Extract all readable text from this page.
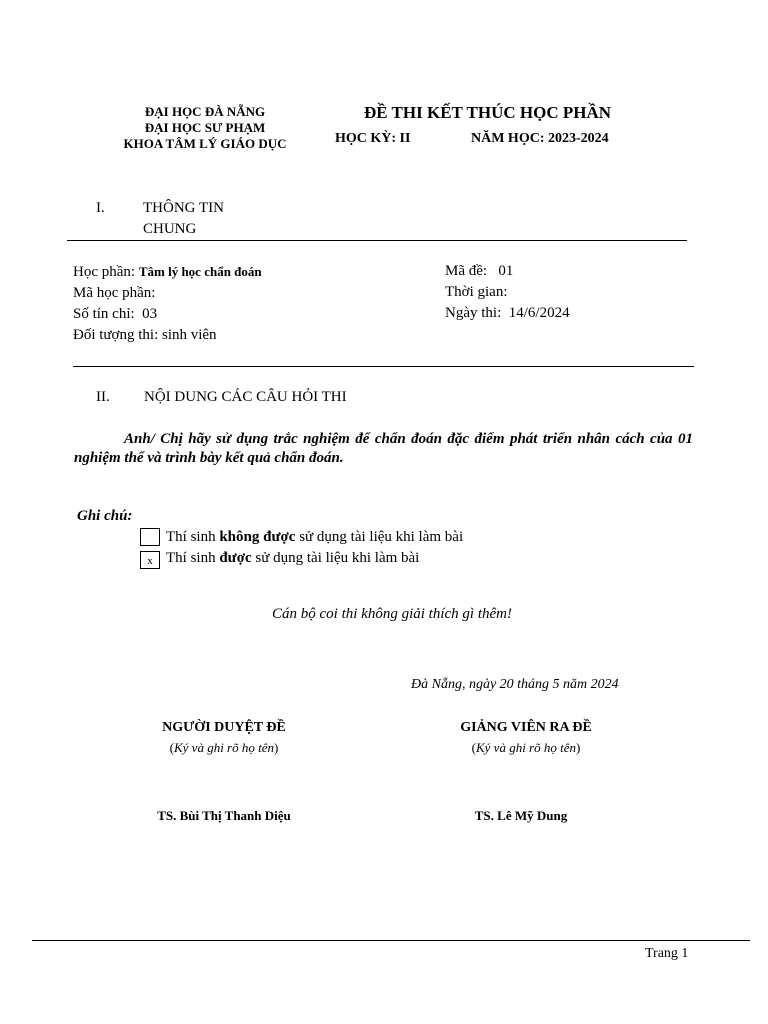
ĐẠI HỌC ĐÀ NẴNG
ĐẠI HỌC SƯ PHẠM
KHOA TÂM LÝ GIÁO DỤC
ĐỀ THI KẾT THÚC HỌC PHẦN
HỌC KỲ: II	NĂM HỌC: 2023-2024
I.	THÔNG TIN CHUNG
Học phần: Tâm lý học chẩn đoán
Mã học phần:
Số tín chỉ: 03
Đối tượng thi: sinh viên
Mã đề: 01
Thời gian:
Ngày thi: 14/6/2024
II. NỘI DUNG CÁC CÂU HỎI THI
Anh/ Chị hãy sử dụng trắc nghiệm để chẩn đoán đặc điểm phát triển nhân cách của 01 nghiệm thể và trình bày kết quả chẩn đoán.
Ghi chú:
Thí sinh không được sử dụng tài liệu khi làm bài
x Thí sinh được sử dụng tài liệu khi làm bài
Cán bộ coi thi không giải thích gì thêm!
Đà Nẵng, ngày 20 tháng 5 năm 2024
NGƯỜI DUYỆT ĐỀ
(Ký và ghi rõ họ tên)
GIẢNG VIÊN RA ĐỀ
(Ký và ghi rõ họ tên)
TS. Bùi Thị Thanh Diệu	TS. Lê Mỹ Dung
Trang 1
